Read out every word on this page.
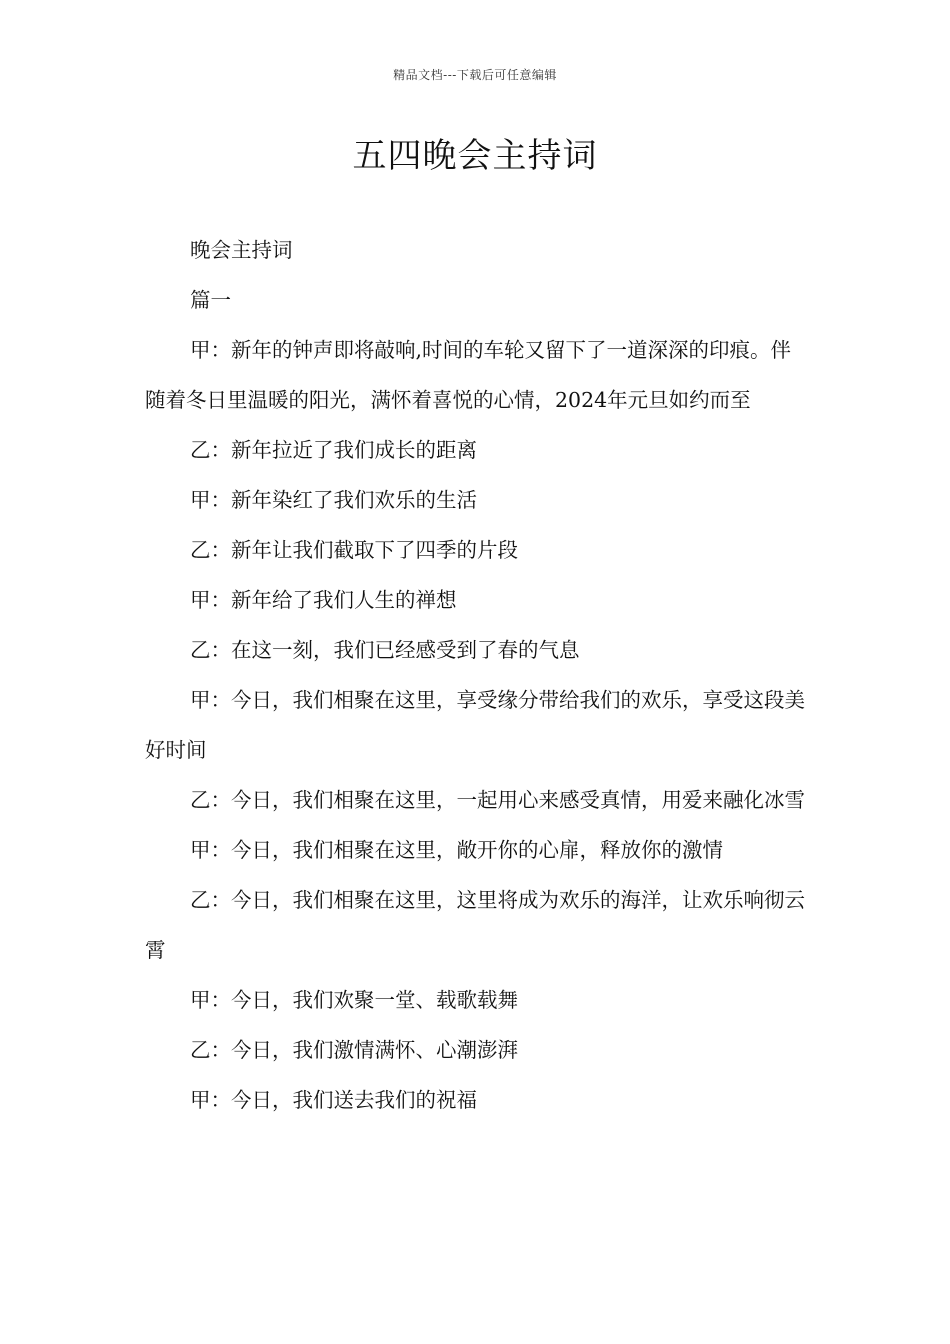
精品文档---下载后可任意编辑
五四晚会主持词

晚会主持词

篇一

甲：新年的钟声即将敲响,时间的车轮又留下了一道深深的印痕。伴随着冬日里温暖的阳光，满怀着喜悦的心情，2024年元旦如约而至

乙：新年拉近了我们成长的距离

甲：新年染红了我们欢乐的生活

乙：新年让我们截取下了四季的片段

甲：新年给了我们人生的禅想

乙：在这一刻，我们已经感受到了春的气息

甲：今日，我们相聚在这里，享受缘分带给我们的欢乐，享受这段美好时间

乙：今日，我们相聚在这里，一起用心来感受真情，用爱来融化冰雪

甲：今日，我们相聚在这里，敞开你的心扉，释放你的激情

乙：今日，我们相聚在这里，这里将成为欢乐的海洋，让欢乐响彻云霄

甲：今日，我们欢聚一堂、载歌载舞

乙：今日，我们激情满怀、心潮澎湃

甲：今日，我们送去我们的祝福
